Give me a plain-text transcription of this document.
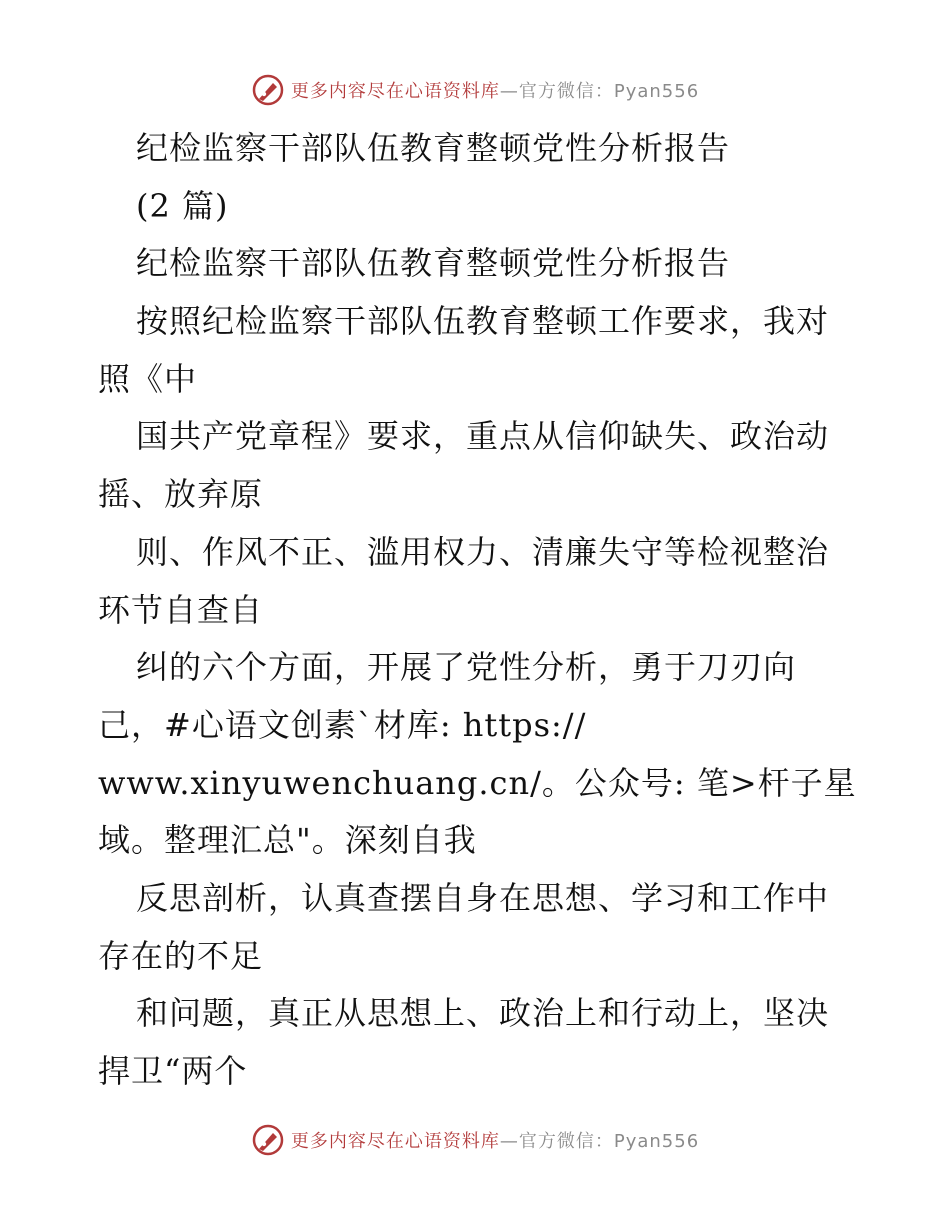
更多内容尽在心语资料库—官方微信：Pyan556
纪检监察干部队伍教育整顿党性分析报告
(2 篇)
纪检监察干部队伍教育整顿党性分析报告
按照纪检监察干部队伍教育整顿工作要求，我对
照《中
国共产党章程》要求，重点从信仰缺失、政治动
摇、放弃原
则、作风不正、滥用权力、清廉失守等检视整治
环节自查自
纠的六个方面，开展了党性分析，勇于刀刃向
己，#心语文创素`材库: https://
www.xinyuwenchuang.cn/。公众号: 笔>杆子星
域。整理汇总"。深刻自我
反思剖析，认真查摆自身在思想、学习和工作中
存在的不足
和问题，真正从思想上、政治上和行动上，坚决
捍卫“两个
更多内容尽在心语资料库—官方微信：Pyan556
